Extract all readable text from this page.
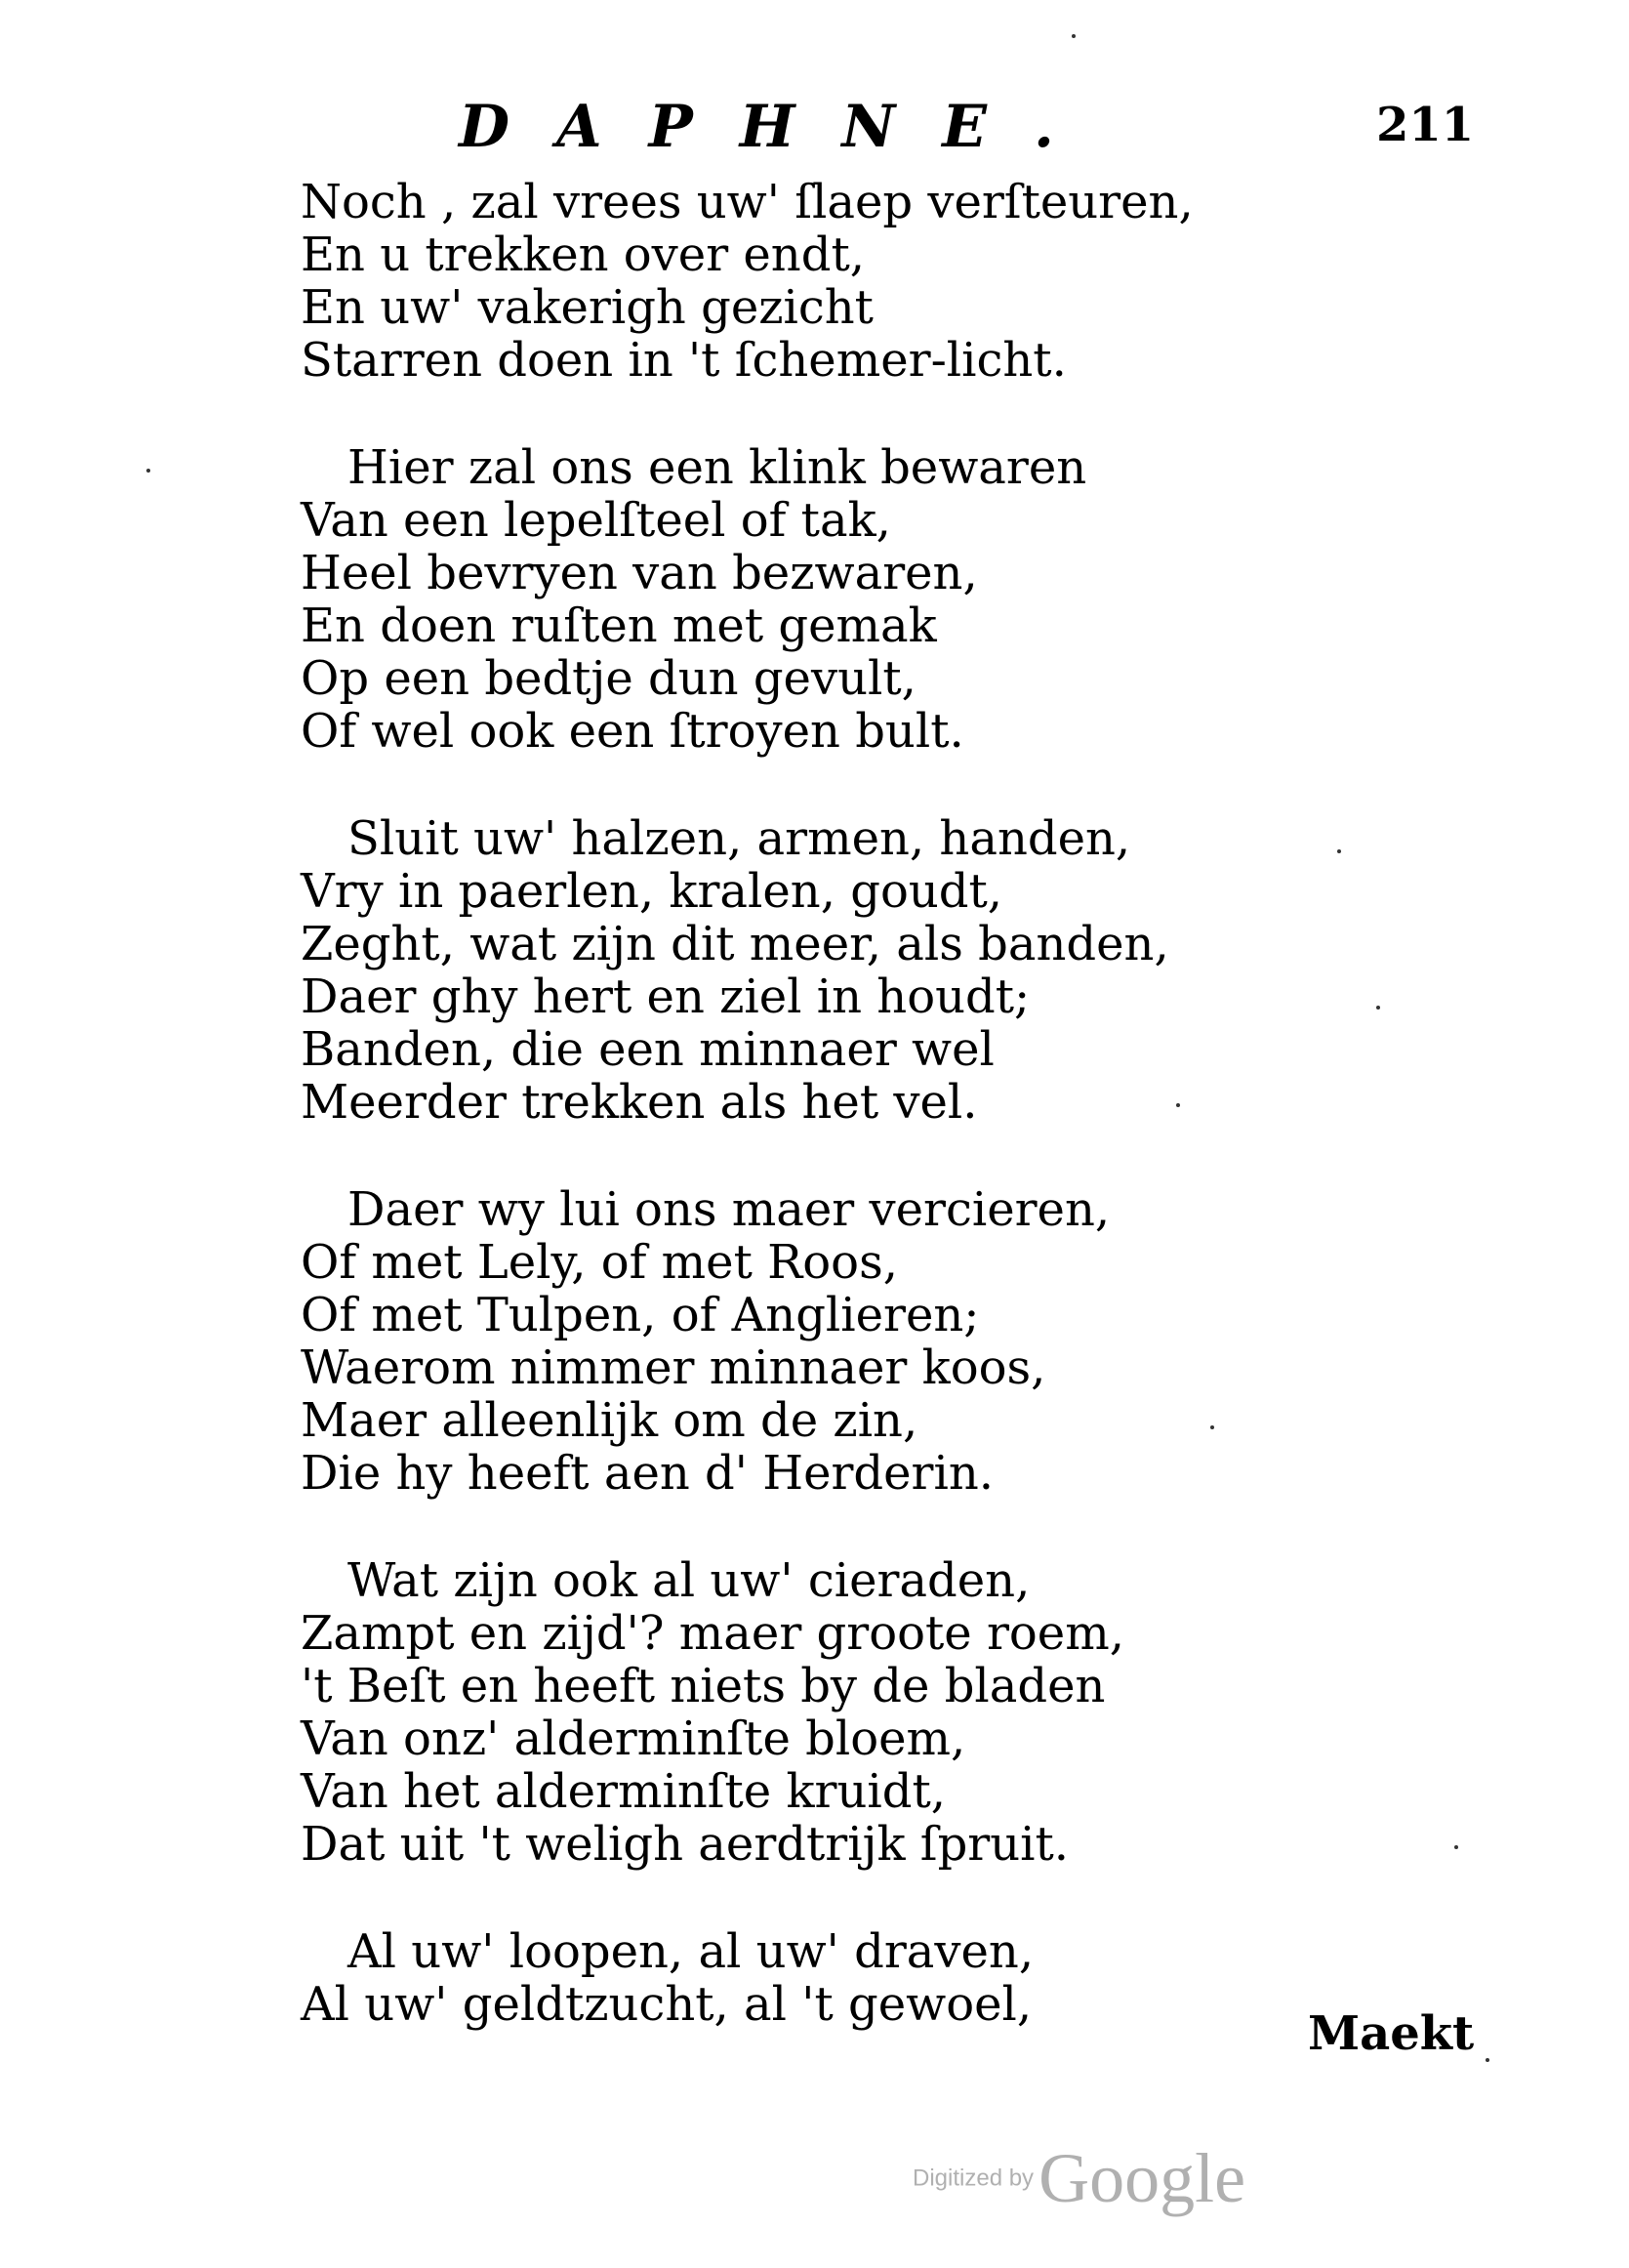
DAPHNE.	211
Noch , zal vrees uw' ſlaep verſteuren,
En u trekken over endt,
En uw' vakerigh gezicht
Starren doen in 't ſchemer-licht.
Hier zal ons een klink bewaren
Van een lepelſteel of tak,
Heel bevryen van bezwaren,
En doen ruſten met gemak
Op een bedtje dun gevult,
Of wel ook een ſtroyen bult.
Sluit uw' halzen, armen, handen,
Vry in paerlen, kralen, goudt,
Zeght, wat zijn dit meer, als banden,
Daer ghy hert en ziel in houdt;
Banden, die een minnaer wel
Meerder trekken als het vel.
Daer wy lui ons maer vercieren,
Of met Lely, of met Roos,
Of met Tulpen, of Anglieren;
Waerom nimmer minnaer koos,
Maer alleenlijk om de zin,
Die hy heeft aen d' Herderin.
Wat zijn ook al uw' cieraden,
Zampt en zijd'? maer groote roem,
't Beſt en heeft niets by de bladen
Van onz' alderminſte bloem,
Van het alderminſte kruidt,
Dat uit 't weligh aerdtrijk ſpruit.
Al uw' loopen, al uw' draven,
Al uw' geldtzucht, al 't gewoel,
Maekt
Digitized by Google
